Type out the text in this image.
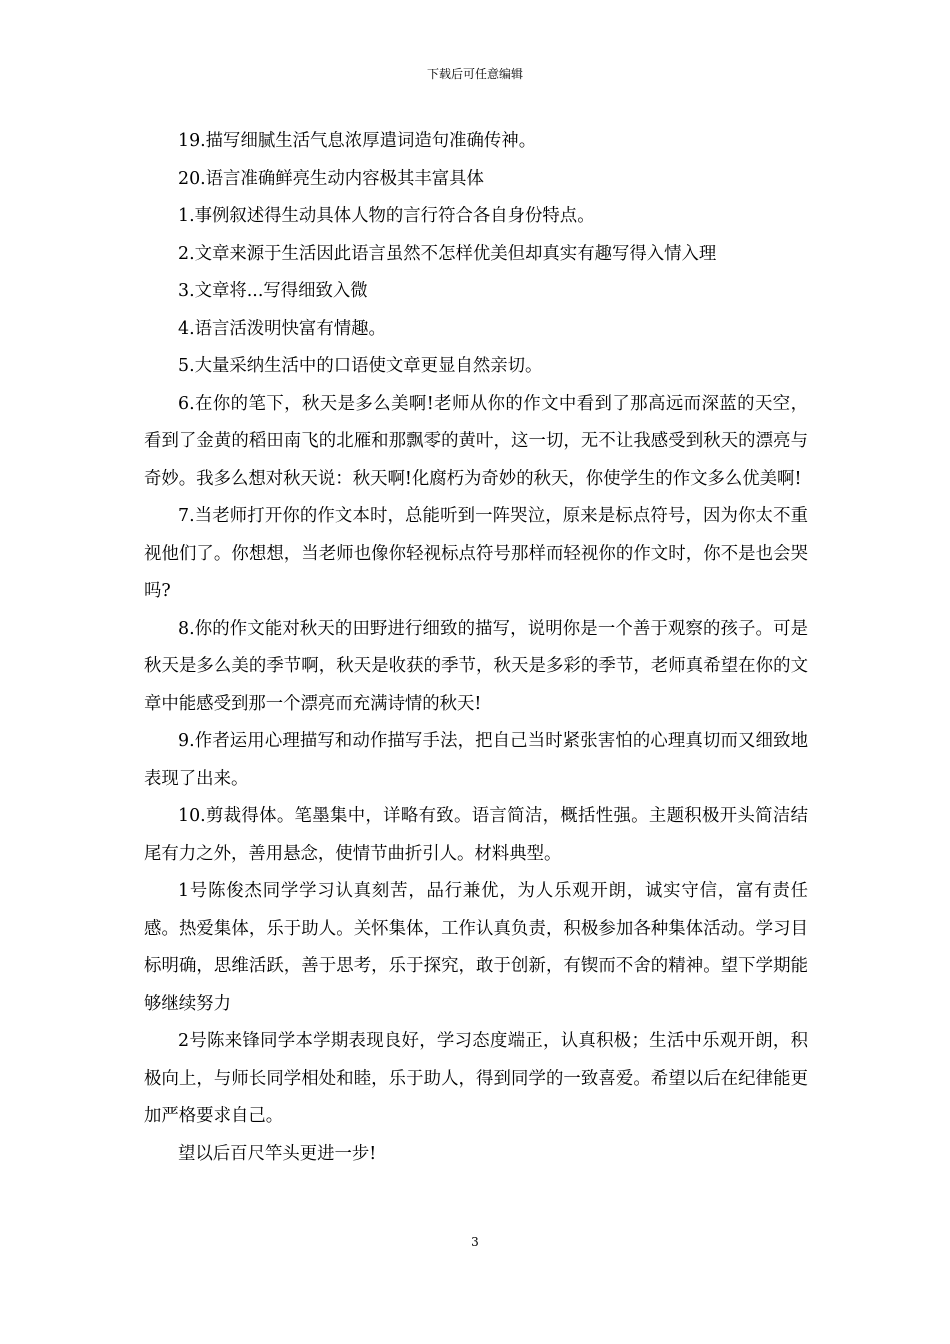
下载后可任意编辑

19.描写细腻生活气息浓厚遣词造句准确传神。

20.语言准确鲜亮生动内容极其丰富具体

1.事例叙述得生动具体人物的言行符合各自身份特点。

2.文章来源于生活因此语言虽然不怎样优美但却真实有趣写得入情入理

3.文章将...写得细致入微

4.语言活泼明快富有情趣。

5.大量采纳生活中的口语使文章更显自然亲切。

6.在你的笔下，秋天是多么美啊!老师从你的作文中看到了那高远而深蓝的天空，看到了金黄的稻田南飞的北雁和那飘零的黄叶，这一切，无不让我感受到秋天的漂亮与奇妙。我多么想对秋天说：秋天啊!化腐朽为奇妙的秋天，你使学生的作文多么优美啊!

7.当老师打开你的作文本时，总能听到一阵哭泣，原来是标点符号，因为你太不重视他们了。你想想，当老师也像你轻视标点符号那样而轻视你的作文时，你不是也会哭吗?

8.你的作文能对秋天的田野进行细致的描写，说明你是一个善于观察的孩子。可是秋天是多么美的季节啊，秋天是收获的季节，秋天是多彩的季节，老师真希望在你的文章中能感受到那一个漂亮而充满诗情的秋天!

9.作者运用心理描写和动作描写手法，把自己当时紧张害怕的心理真切而又细致地表现了出来。

10.剪裁得体。笔墨集中，详略有致。语言简洁，概括性强。主题积极开头简洁结尾有力之外，善用悬念，使情节曲折引人。材料典型。

1号陈俊杰同学学习认真刻苦，品行兼优，为人乐观开朗，诚实守信，富有责任感。热爱集体，乐于助人。关怀集体，工作认真负责，积极参加各种集体活动。学习目标明确，思维活跃，善于思考，乐于探究，敢于创新，有锲而不舍的精神。望下学期能够继续努力

2号陈来锋同学本学期表现良好，学习态度端正，认真积极；生活中乐观开朗，积极向上，与师长同学相处和睦，乐于助人，得到同学的一致喜爱。希望以后在纪律能更加严格要求自己。

望以后百尺竿头更进一步!

3
